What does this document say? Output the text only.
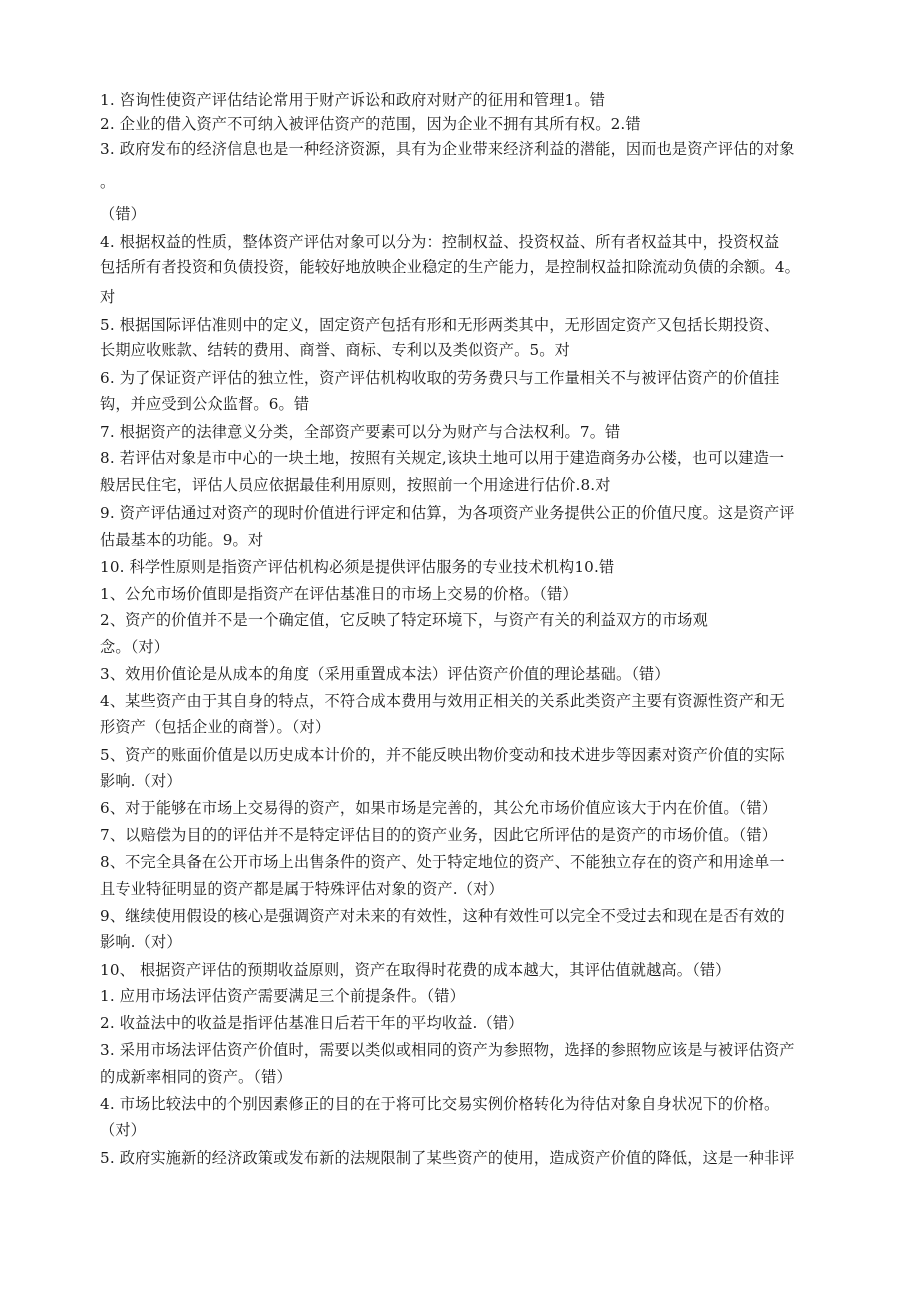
1. 咨询性使资产评估结论常用于财产诉讼和政府对财产的征用和管理1。错
2. 企业的借入资产不可纳入被评估资产的范围，因为企业不拥有其所有权。2.错
3. 政府发布的经济信息也是一种经济资源，具有为企业带来经济利益的潜能，因而也是资产评估的对象
。
（错）
4. 根据权益的性质，整体资产评估对象可以分为：控制权益、投资权益、所有者权益其中，投资权益
包括所有者投资和负债投资，能较好地放映企业稳定的生产能力，是控制权益扣除流动负债的余额。4。
对
5. 根据国际评估准则中的定义，固定资产包括有形和无形两类其中，无形固定资产又包括长期投资、
长期应收账款、结转的费用、商誉、商标、专利以及类似资产。5。对
6. 为了保证资产评估的独立性，资产评估机构收取的劳务费只与工作量相关不与被评估资产的价值挂
钩，并应受到公众监督。6。错
7. 根据资产的法律意义分类，全部资产要素可以分为财产与合法权利。7。错
8. 若评估对象是市中心的一块土地，按照有关规定,该块土地可以用于建造商务办公楼，也可以建造一
般居民住宅，评估人员应依据最佳利用原则，按照前一个用途进行估价.8.对
9. 资产评估通过对资产的现时价值进行评定和估算，为各项资产业务提供公正的价值尺度。这是资产评
估最基本的功能。9。对
10. 科学性原则是指资产评估机构必须是提供评估服务的专业技术机构10.错
1、公允市场价值即是指资产在评估基准日的市场上交易的价格。（错）
2、资产的价值并不是一个确定值，它反映了特定环境下，与资产有关的利益双方的市场观
念。（对）
3、效用价值论是从成本的角度（采用重置成本法）评估资产价值的理论基础。（错）
4、某些资产由于其自身的特点，不符合成本费用与效用正相关的关系此类资产主要有资源性资产和无
形资产（包括企业的商誉）。（对）
5、资产的账面价值是以历史成本计价的，并不能反映出物价变动和技术进步等因素对资产价值的实际
影响.（对）
6、对于能够在市场上交易得的资产，如果市场是完善的，其公允市场价值应该大于内在价值。（错）
7、以赔偿为目的的评估并不是特定评估目的的资产业务，因此它所评估的是资产的市场价值。（错）
8、不完全具备在公开市场上出售条件的资产、处于特定地位的资产、不能独立存在的资产和用途单一
且专业特征明显的资产都是属于特殊评估对象的资产.（对）
9、继续使用假设的核心是强调资产对未来的有效性，这种有效性可以完全不受过去和现在是否有效的
影响.（对）
10、 根据资产评估的预期收益原则，资产在取得时花费的成本越大，其评估值就越高。（错）
1. 应用市场法评估资产需要满足三个前提条件。（错）
2. 收益法中的收益是指评估基准日后若干年的平均收益.（错）
3. 采用市场法评估资产价值时，需要以类似或相同的资产为参照物，选择的参照物应该是与被评估资产
的成新率相同的资产。（错）
4. 市场比较法中的个别因素修正的目的在于将可比交易实例价格转化为待估对象自身状况下的价格。
（对）
5. 政府实施新的经济政策或发布新的法规限制了某些资产的使用，造成资产价值的降低，这是一种非评
